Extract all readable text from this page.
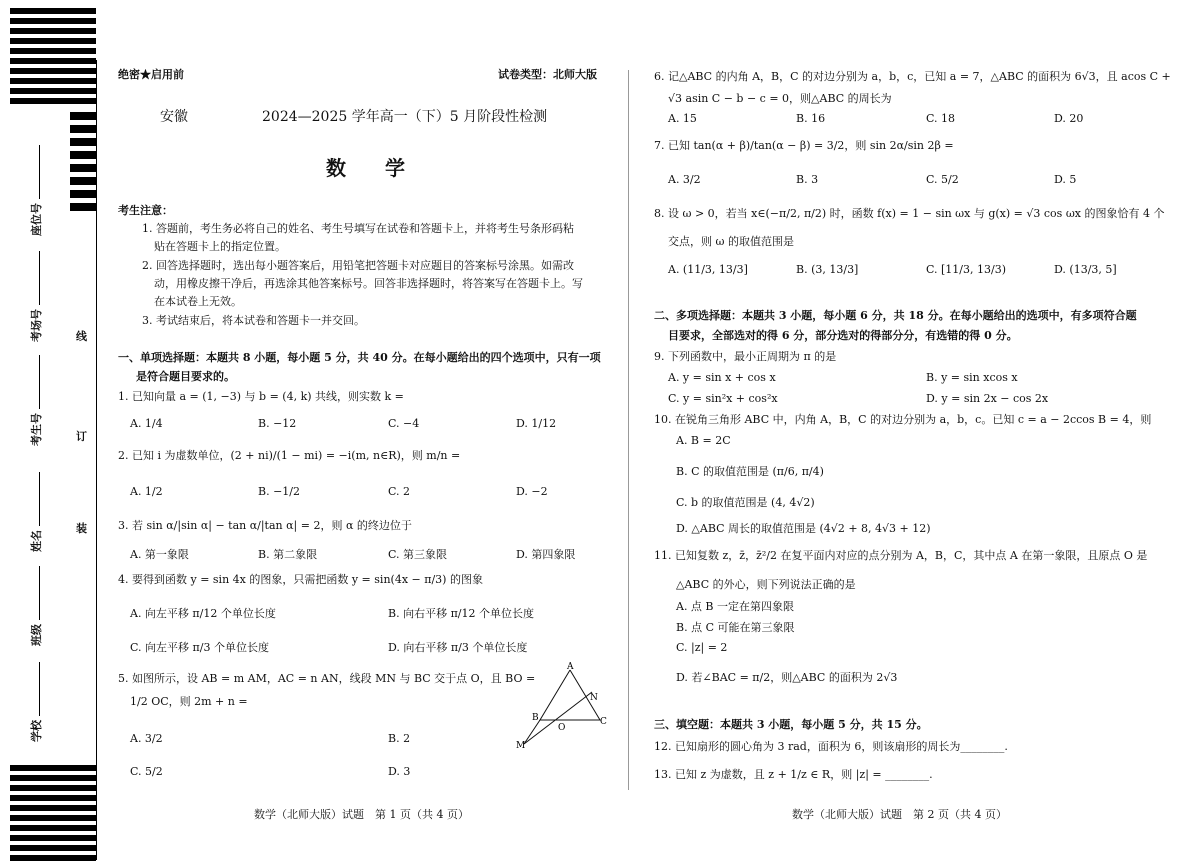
座位号
考场号
考生号
姓名
班级
学校
线
订
装
绝密★启用前	试卷类型：北师大版
安徽	2024—2025 学年高一（下）5 月阶段性检测
数 学
考生注意：
1. 答题前，考生务必将自己的姓名、考生号填写在试卷和答题卡上，并将考生号条形码粘
贴在答题卡上的指定位置。
2. 回答选择题时，选出每小题答案后，用铅笔把答题卡对应题目的答案标号涂黑。如需改
动，用橡皮擦干净后，再选涂其他答案标号。回答非选择题时，将答案写在答题卡上。写
在本试卷上无效。
3. 考试结束后，将本试卷和答题卡一并交回。
一、单项选择题：本题共 8 小题，每小题 5 分，共 40 分。在每小题给出的四个选项中，只有一项
是符合题目要求的。
1. 已知向量 a = (1, −3) 与 b = (4, k) 共线，则实数 k =
A. 1/4	B. −12	C. −4	D. 1/12
2. 已知 i 为虚数单位，(2 + ni)/(1 − mi) = −i(m, n∈R)，则 m/n =
A. 1/2	B. −1/2	C. 2	D. −2
3. 若 sin α/|sin α| − tan α/|tan α| = 2，则 α 的终边位于
A. 第一象限	B. 第二象限	C. 第三象限	D. 第四象限
4. 要得到函数 y = sin 4x 的图象，只需把函数 y = sin(4x − π/3) 的图象
A. 向左平移 π/12 个单位长度	B. 向右平移 π/12 个单位长度
C. 向左平移 π/3 个单位长度	D. 向右平移 π/3 个单位长度
5. 如图所示，设 AB = m AM，AC = n AN，线段 MN 与 BC 交于点 O，且 BO =
1/2 OC，则 2m + n =
A. 3/2	B. 2
C. 5/2	D. 3
A
N
B
O
C
M
数学（北师大版）试题　第 1 页（共 4 页）
6. 记△ABC 的内角 A，B，C 的对边分别为 a，b，c，已知 a = 7，△ABC 的面积为 6√3，且 acos C +
√3 asin C − b − c = 0，则△ABC 的周长为
A. 15	B. 16	C. 18	D. 20
7. 已知 tan(α + β)/tan(α − β) = 3/2，则 sin 2α/sin 2β =
A. 3/2	B. 3	C. 5/2	D. 5
8. 设 ω > 0，若当 x∈(−π/2, π/2) 时，函数 f(x) = 1 − sin ωx 与 g(x) = √3 cos ωx 的图象恰有 4 个
交点，则 ω 的取值范围是
A. (11/3, 13/3]	B. (3, 13/3]	C. [11/3, 13/3)	D. (13/3, 5]
二、多项选择题：本题共 3 小题，每小题 6 分，共 18 分。在每小题给出的选项中，有多项符合题
目要求，全部选对的得 6 分，部分选对的得部分分，有选错的得 0 分。
9. 下列函数中，最小正周期为 π 的是
A. y = sin x + cos x	B. y = sin xcos x
C. y = sin²x + cos²x	D. y = sin 2x − cos 2x
10. 在锐角三角形 ABC 中，内角 A，B，C 的对边分别为 a，b，c。已知 c = a − 2ccos B = 4，则
A. B = 2C
B. C 的取值范围是 (π/6, π/4)
C. b 的取值范围是 (4, 4√2)
D. △ABC 周长的取值范围是 (4√2 + 8, 4√3 + 12)
11. 已知复数 z，z̄，z̄²/2 在复平面内对应的点分别为 A，B，C，其中点 A 在第一象限，且原点 O 是
△ABC 的外心，则下列说法正确的是
A. 点 B 一定在第四象限
B. 点 C 可能在第三象限
C. |z| = 2
D. 若∠BAC = π/2，则△ABC 的面积为 2√3
三、填空题：本题共 3 小题，每小题 5 分，共 15 分。
12. 已知扇形的圆心角为 3 rad，面积为 6，则该扇形的周长为________.
13. 已知 z 为虚数，且 z + 1/z ∈ R，则 |z| = ________.
数学（北师大版）试题　第 2 页（共 4 页）
